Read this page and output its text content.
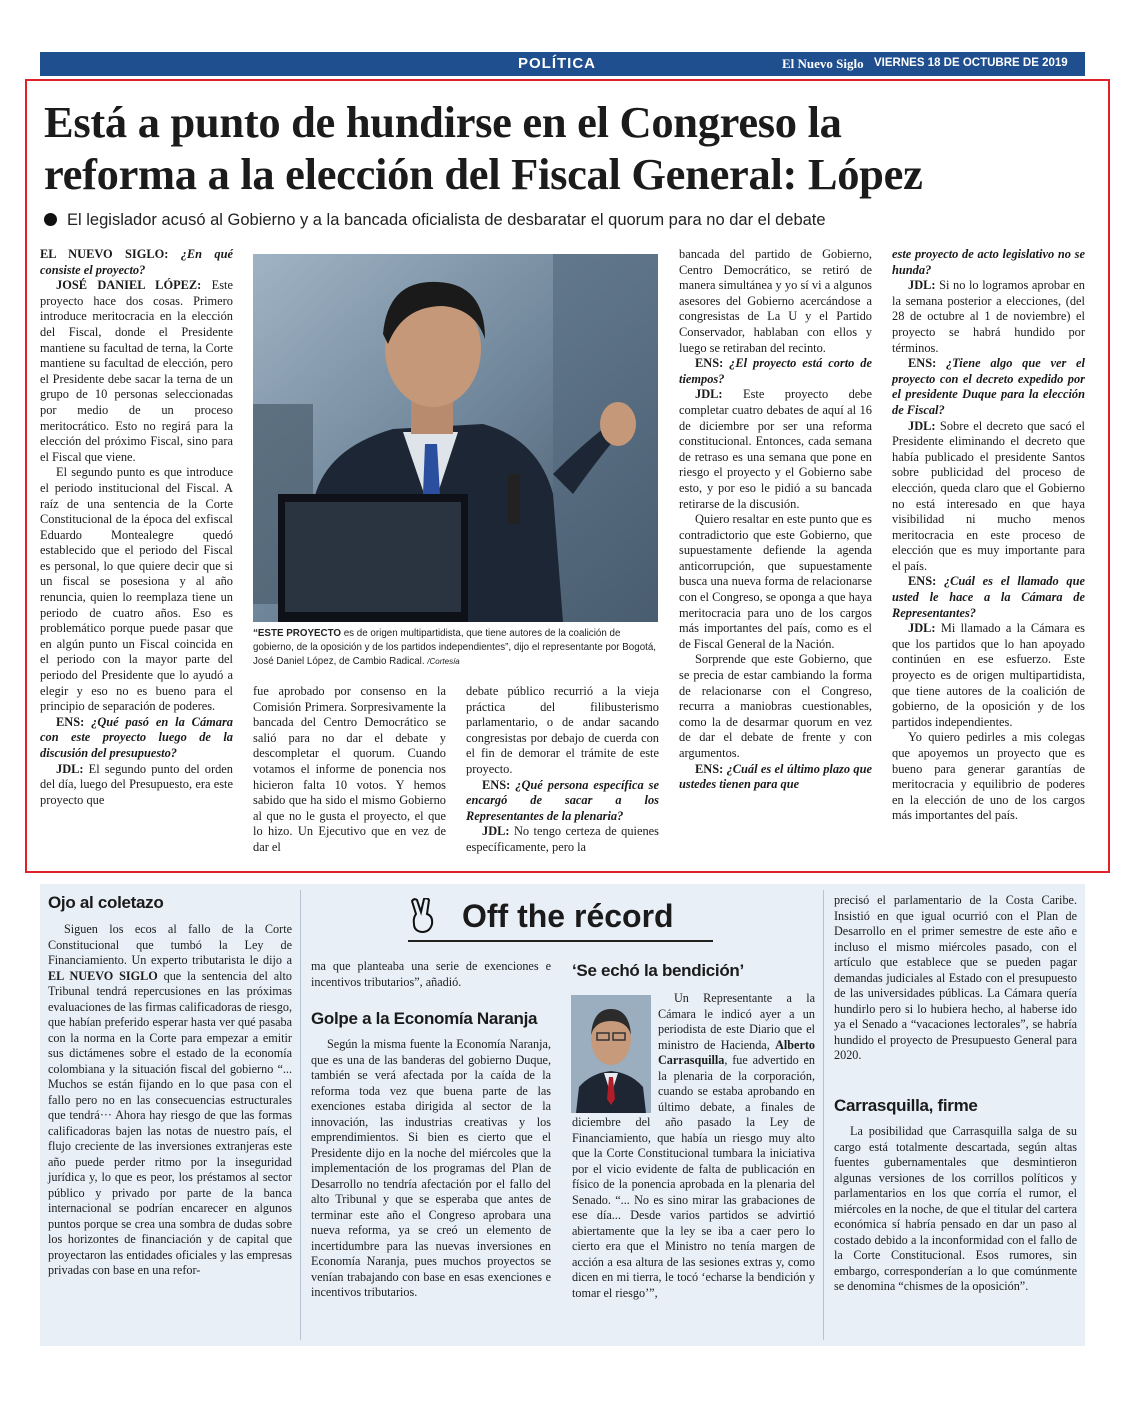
POLÍTICA	El Nuevo Siglo VIERNES 18 DE OCTUBRE DE 2019 13A
Está a punto de hundirse en el Congreso la
reforma a la elección del Fiscal General: López
El legislador acusó al Gobierno y a la bancada oficialista de desbaratar el quorum para no dar el debate

EL NUEVO SIGLO: ¿En qué consiste el proyecto?

JOSÉ DANIEL LÓPEZ: Este proyecto hace dos cosas. Primero introduce meritocracia en la elección del Fiscal, donde el Presidente mantiene su facultad de terna, la Corte mantiene su facultad de elección, pero el Presidente debe sacar la terna de un grupo de 10 personas seleccionadas por medio de un proceso meritocrático. Esto no regirá para la elección del próximo Fiscal, sino para el Fiscal que viene.

El segundo punto es que introduce el periodo institucional del Fiscal. A raíz de una sentencia de la Corte Constitucional de la época del exfiscal Eduardo Montealegre quedó establecido que el periodo del Fiscal es personal, lo que quiere decir que si un fiscal se posesiona y al año renuncia, quien lo reemplaza tiene un periodo de cuatro años. Eso es problemático porque puede pasar que en algún punto un Fiscal coincida en el periodo con la mayor parte del periodo del Presidente que lo ayudó a elegir y eso no es bueno para el principio de separación de poderes.

ENS: ¿Qué pasó en la Cámara con este proyecto luego de la discusión del presupuesto?

JDL: El segundo punto del orden del día, luego del Presupuesto, era este proyecto que

“ESTE PROYECTO es de origen multipartidista, que tiene autores de la coalición de gobierno, de la oposición y de los partidos independientes”, dijo el representante por Bogotá, José Daniel López, de Cambio Radical. /Cortesía

fue aprobado por consenso en la Comisión Primera. Sorpresivamente la bancada del Centro Democrático se salió para no dar el debate y descompletar el quorum. Cuando votamos el informe de ponencia nos hicieron falta 10 votos. Y hemos sabido que ha sido el mismo Gobierno al que no le gusta el proyecto, el que lo hizo. Un Ejecutivo que en vez de dar el

debate público recurrió a la vieja práctica del filibusterismo parlamentario, o de andar sacando congresistas por debajo de cuerda con el fin de demorar el trámite de este proyecto.

ENS: ¿Qué persona específica se encargó de sacar a los Representantes de la plenaria?

JDL: No tengo certeza de quienes específicamente, pero la

bancada del partido de Gobierno, Centro Democrático, se retiró de manera simultánea y yo sí vi a algunos asesores del Gobierno acercándose a congresistas de La U y el Partido Conservador, hablaban con ellos y luego se retiraban del recinto.

ENS: ¿El proyecto está corto de tiempos?

JDL: Este proyecto debe completar cuatro debates de aquí al 16 de diciembre por ser una reforma constitucional. Entonces, cada semana de retraso es una semana que pone en riesgo el proyecto y el Gobierno sabe esto, y por eso le pidió a su bancada retirarse de la discusión.

Quiero resaltar en este punto que es contradictorio que este Gobierno, que supuestamente defiende la agenda anticorrupción, que supuestamente busca una nueva forma de relacionarse con el Congreso, se oponga a que haya meritocracia para uno de los cargos más importantes del país, como es el de Fiscal General de la Nación.

Sorprende que este Gobierno, que se precia de estar cambiando la forma de relacionarse con el Congreso, recurra a maniobras cuestionables, como la de desarmar quorum en vez de dar el debate de frente y con argumentos.

ENS: ¿Cuál es el último plazo que ustedes tienen para que

este proyecto de acto legislativo no se hunda?

JDL: Si no lo logramos aprobar en la semana posterior a elecciones, (del 28 de octubre al 1 de noviembre) el proyecto se habrá hundido por términos.

ENS: ¿Tiene algo que ver el proyecto con el decreto expedido por el presidente Duque para la elección de Fiscal?

JDL: Sobre el decreto que sacó el Presidente eliminando el decreto que había publicado el presidente Santos sobre publicidad del proceso de elección, queda claro que el Gobierno no está interesado en que haya visibilidad ni mucho menos meritocracia en este proceso de elección que es muy importante para el país.

ENS: ¿Cuál es el llamado que usted le hace a la Cámara de Representantes?

JDL: Mi llamado a la Cámara es que los partidos que lo han apoyado continúen en ese esfuerzo. Este proyecto es de origen multipartidista, que tiene autores de la coalición de gobierno, de la oposición y de los partidos independientes.

Yo quiero pedirles a mis colegas que apoyemos un proyecto que es bueno para generar garantías de meritocracia y equilibrio de poderes en la elección de uno de los cargos más importantes del país.

Off the récord
Ojo al coletazo

Siguen los ecos al fallo de la Corte Constitucional que tumbó la Ley de Financiamiento. Un experto tributarista le dijo a EL NUEVO SIGLO que la sentencia del alto Tribunal tendrá repercusiones en las próximas evaluaciones de las firmas calificadoras de riesgo, que habían preferido esperar hasta ver qué pasaba con la norma en la Corte para empezar a emitir sus dictámenes sobre el estado de la economía colombiana y la situación fiscal del gobierno “... Muchos se están fijando en lo que pasa con el fallo pero no en las consecuencias estructurales que tendrá··· Ahora hay riesgo de que las formas calificadoras bajen las notas de nuestro país, el flujo creciente de las inversiones extranjeras este año puede perder ritmo por la inseguridad jurídica y, lo que es peor, los préstamos al sector público y privado por parte de la banca internacional se podrían encarecer en algunos puntos porque se crea una sombra de dudas sobre los horizontes de financiación y de capital que proyectaron las entidades oficiales y las empresas privadas con base en una refor-

ma que planteaba una serie de exenciones e incentivos tributarios”, añadió.

Golpe a la Economía Naranja

Según la misma fuente la Economía Naranja, que es una de las banderas del gobierno Duque, también se verá afectada por la caída de la reforma toda vez que buena parte de las exenciones estaba dirigida al sector de la innovación, las industrias creativas y los emprendimientos. Si bien es cierto que el Presidente dijo en la noche del miércoles que la implementación de los programas del Plan de Desarrollo no tendría afectación por el fallo del alto Tribunal y que se esperaba que antes de terminar este año el Congreso aprobara una nueva reforma, ya se creó un elemento de incertidumbre para las nuevas inversiones en Economía Naranja, pues muchos proyectos se venían trabajando con base en esas exenciones e incentivos tributarios.

‘Se echó la bendición’

Un Representante a la Cámara le indicó ayer a un periodista de este Diario que el ministro de Hacienda, Alberto Carrasquilla, fue advertido en la plenaria de la corporación, cuando se estaba aprobando en último debate, a finales de diciembre del año pasado la Ley de Financiamiento, que había un riesgo muy alto que la Corte Constitucional tumbara la iniciativa por el vicio evidente de falta de publicación en físico de la ponencia aprobada en la plenaria del Senado. “... No es sino mirar las grabaciones de ese día... Desde varios partidos se advirtió abiertamente que la ley se iba a caer pero lo cierto era que el Ministro no tenía margen de acción a esa altura de las sesiones extras y, como dicen en mi tierra, le tocó ‘echarse la bendición y tomar el riesgo’”,

precisó el parlamentario de la Costa Caribe. Insistió en que igual ocurrió con el Plan de Desarrollo en el primer semestre de este año e incluso el mismo miércoles pasado, con el artículo que establece que se pueden pagar demandas judiciales al Estado con el presupuesto de las universidades públicas. La Cámara quería hundirlo pero si lo hubiera hecho, al haberse ido ya el Senado a “vacaciones lectorales”, se habría hundido el proyecto de Presupuesto General para 2020.

Carrasquilla, firme

La posibilidad que Carrasquilla salga de su cargo está totalmente descartada, según altas fuentes gubernamentales que desmintieron algunas versiones de los corrillos políticos y parlamentarios en los que corría el rumor, el miércoles en la noche, de que el titular del cartera económica sí habría pensado en dar un paso al costado debido a la inconformidad con el fallo de la Corte Constitucional. Esos rumores, sin embargo, corresponderían a lo que comúnmente se denomina “chismes de la oposición”.
